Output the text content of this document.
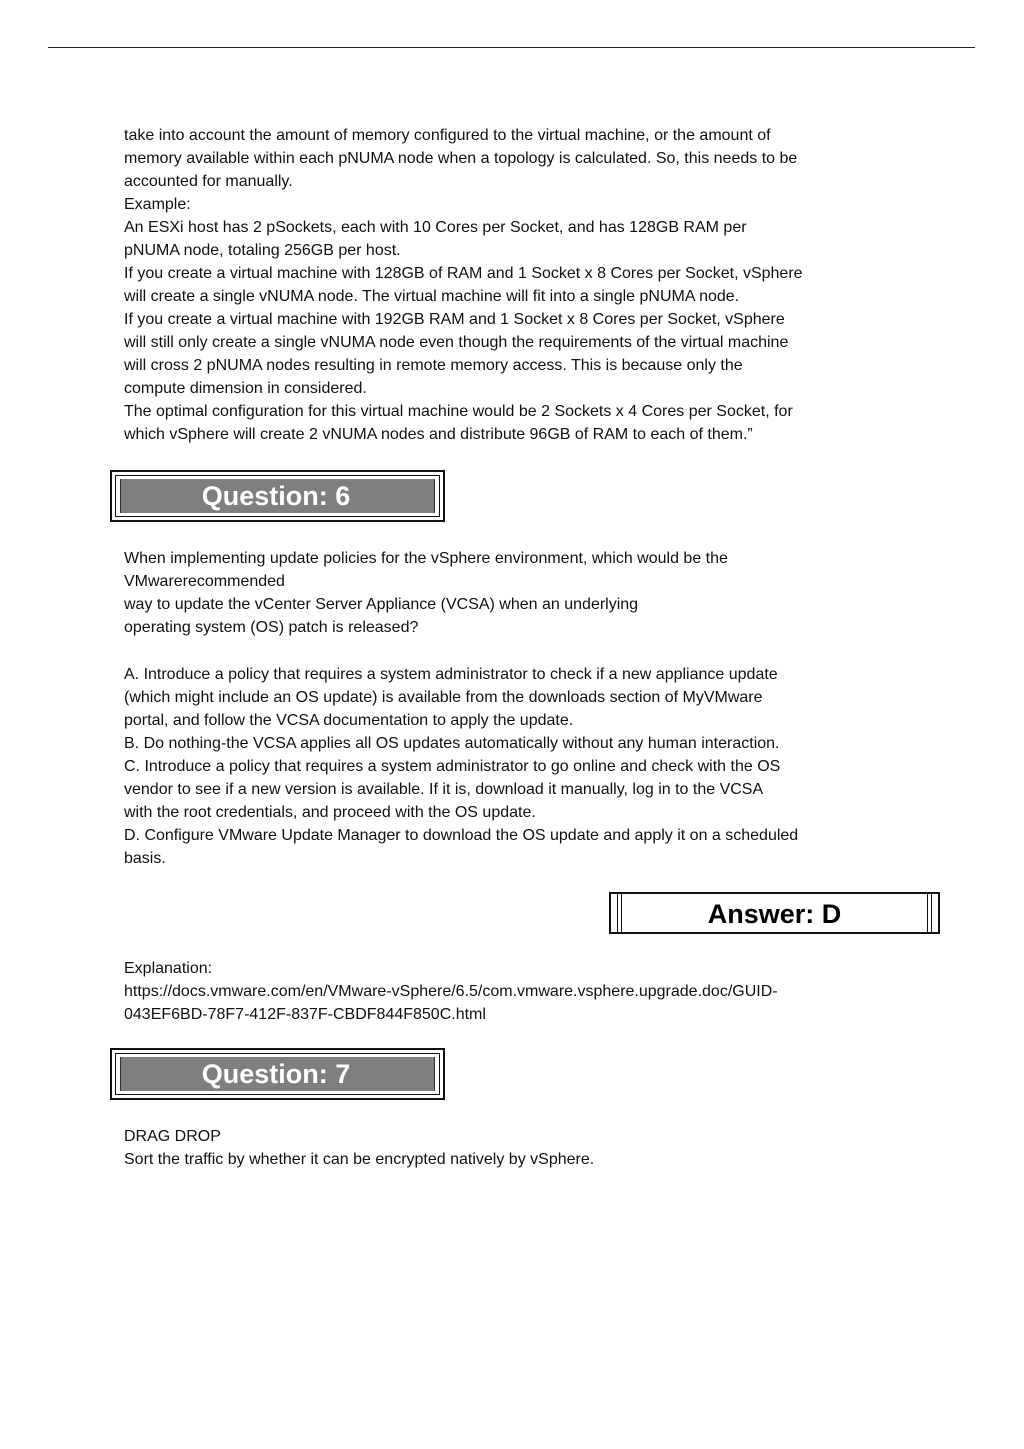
take into account the amount of memory configured to the virtual machine, or the amount of
memory available within each pNUMA node when a topology is calculated. So, this needs to be
accounted for manually.
Example:
An ESXi host has 2 pSockets, each with 10 Cores per Socket, and has 128GB RAM per
pNUMA node, totaling 256GB per host.
If you create a virtual machine with 128GB of RAM and 1 Socket x 8 Cores per Socket, vSphere
will create a single vNUMA node. The virtual machine will fit into a single pNUMA node.
If you create a virtual machine with 192GB RAM and 1 Socket x 8 Cores per Socket, vSphere
will still only create a single vNUMA node even though the requirements of the virtual machine
will cross 2 pNUMA nodes resulting in remote memory access. This is because only the
compute dimension in considered.
The optimal configuration for this virtual machine would be 2 Sockets x 4 Cores per Socket, for
which vSphere will create 2 vNUMA nodes and distribute 96GB of RAM to each of them.”
Question: 6
When implementing update policies for the vSphere environment, which would be the
VMwarerecommended
way to update the vCenter Server Appliance (VCSA) when an underlying
operating system (OS) patch is released?
A. Introduce a policy that requires a system administrator to check if a new appliance update
(which might include an OS update) is available from the downloads section of MyVMware
portal, and follow the VCSA documentation to apply the update.
B. Do nothing-the VCSA applies all OS updates automatically without any human interaction.
C. Introduce a policy that requires a system administrator to go online and check with the OS
vendor to see if a new version is available. If it is, download it manually, log in to the VCSA
with the root credentials, and proceed with the OS update.
D. Configure VMware Update Manager to download the OS update and apply it on a scheduled
basis.
Answer: D
Explanation:
https://docs.vmware.com/en/VMware-vSphere/6.5/com.vmware.vsphere.upgrade.doc/GUID-
043EF6BD-78F7-412F-837F-CBDF844F850C.html
Question: 7
DRAG DROP
Sort the traffic by whether it can be encrypted natively by vSphere.
